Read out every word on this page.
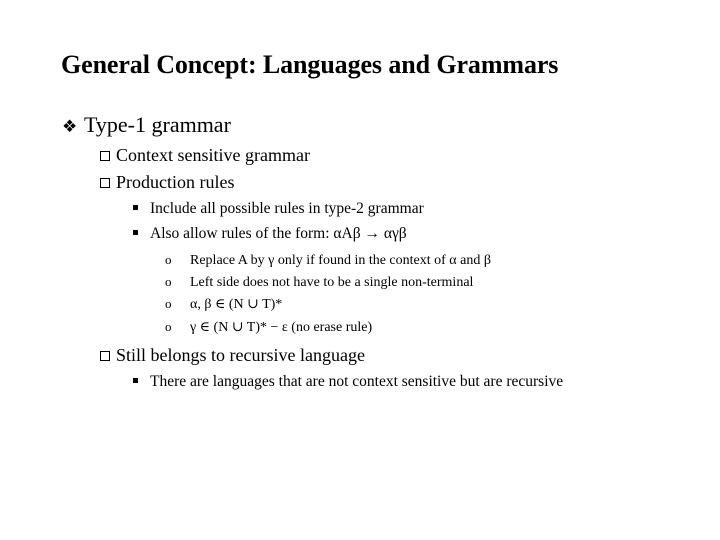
General Concept: Languages and Grammars
❖ Type-1 grammar
Context sensitive grammar
Production rules
Include all possible rules in type-2 grammar
Also allow rules of the form: αAβ → αγβ
o Replace A by γ only if found in the context of α and β
o Left side does not have to be a single non-terminal
o α, β ∈ (N ∪ T)*
o γ ∈ (N ∪ T)* − ε (no erase rule)
Still belongs to recursive language
There are languages that are not context sensitive but are recursive
